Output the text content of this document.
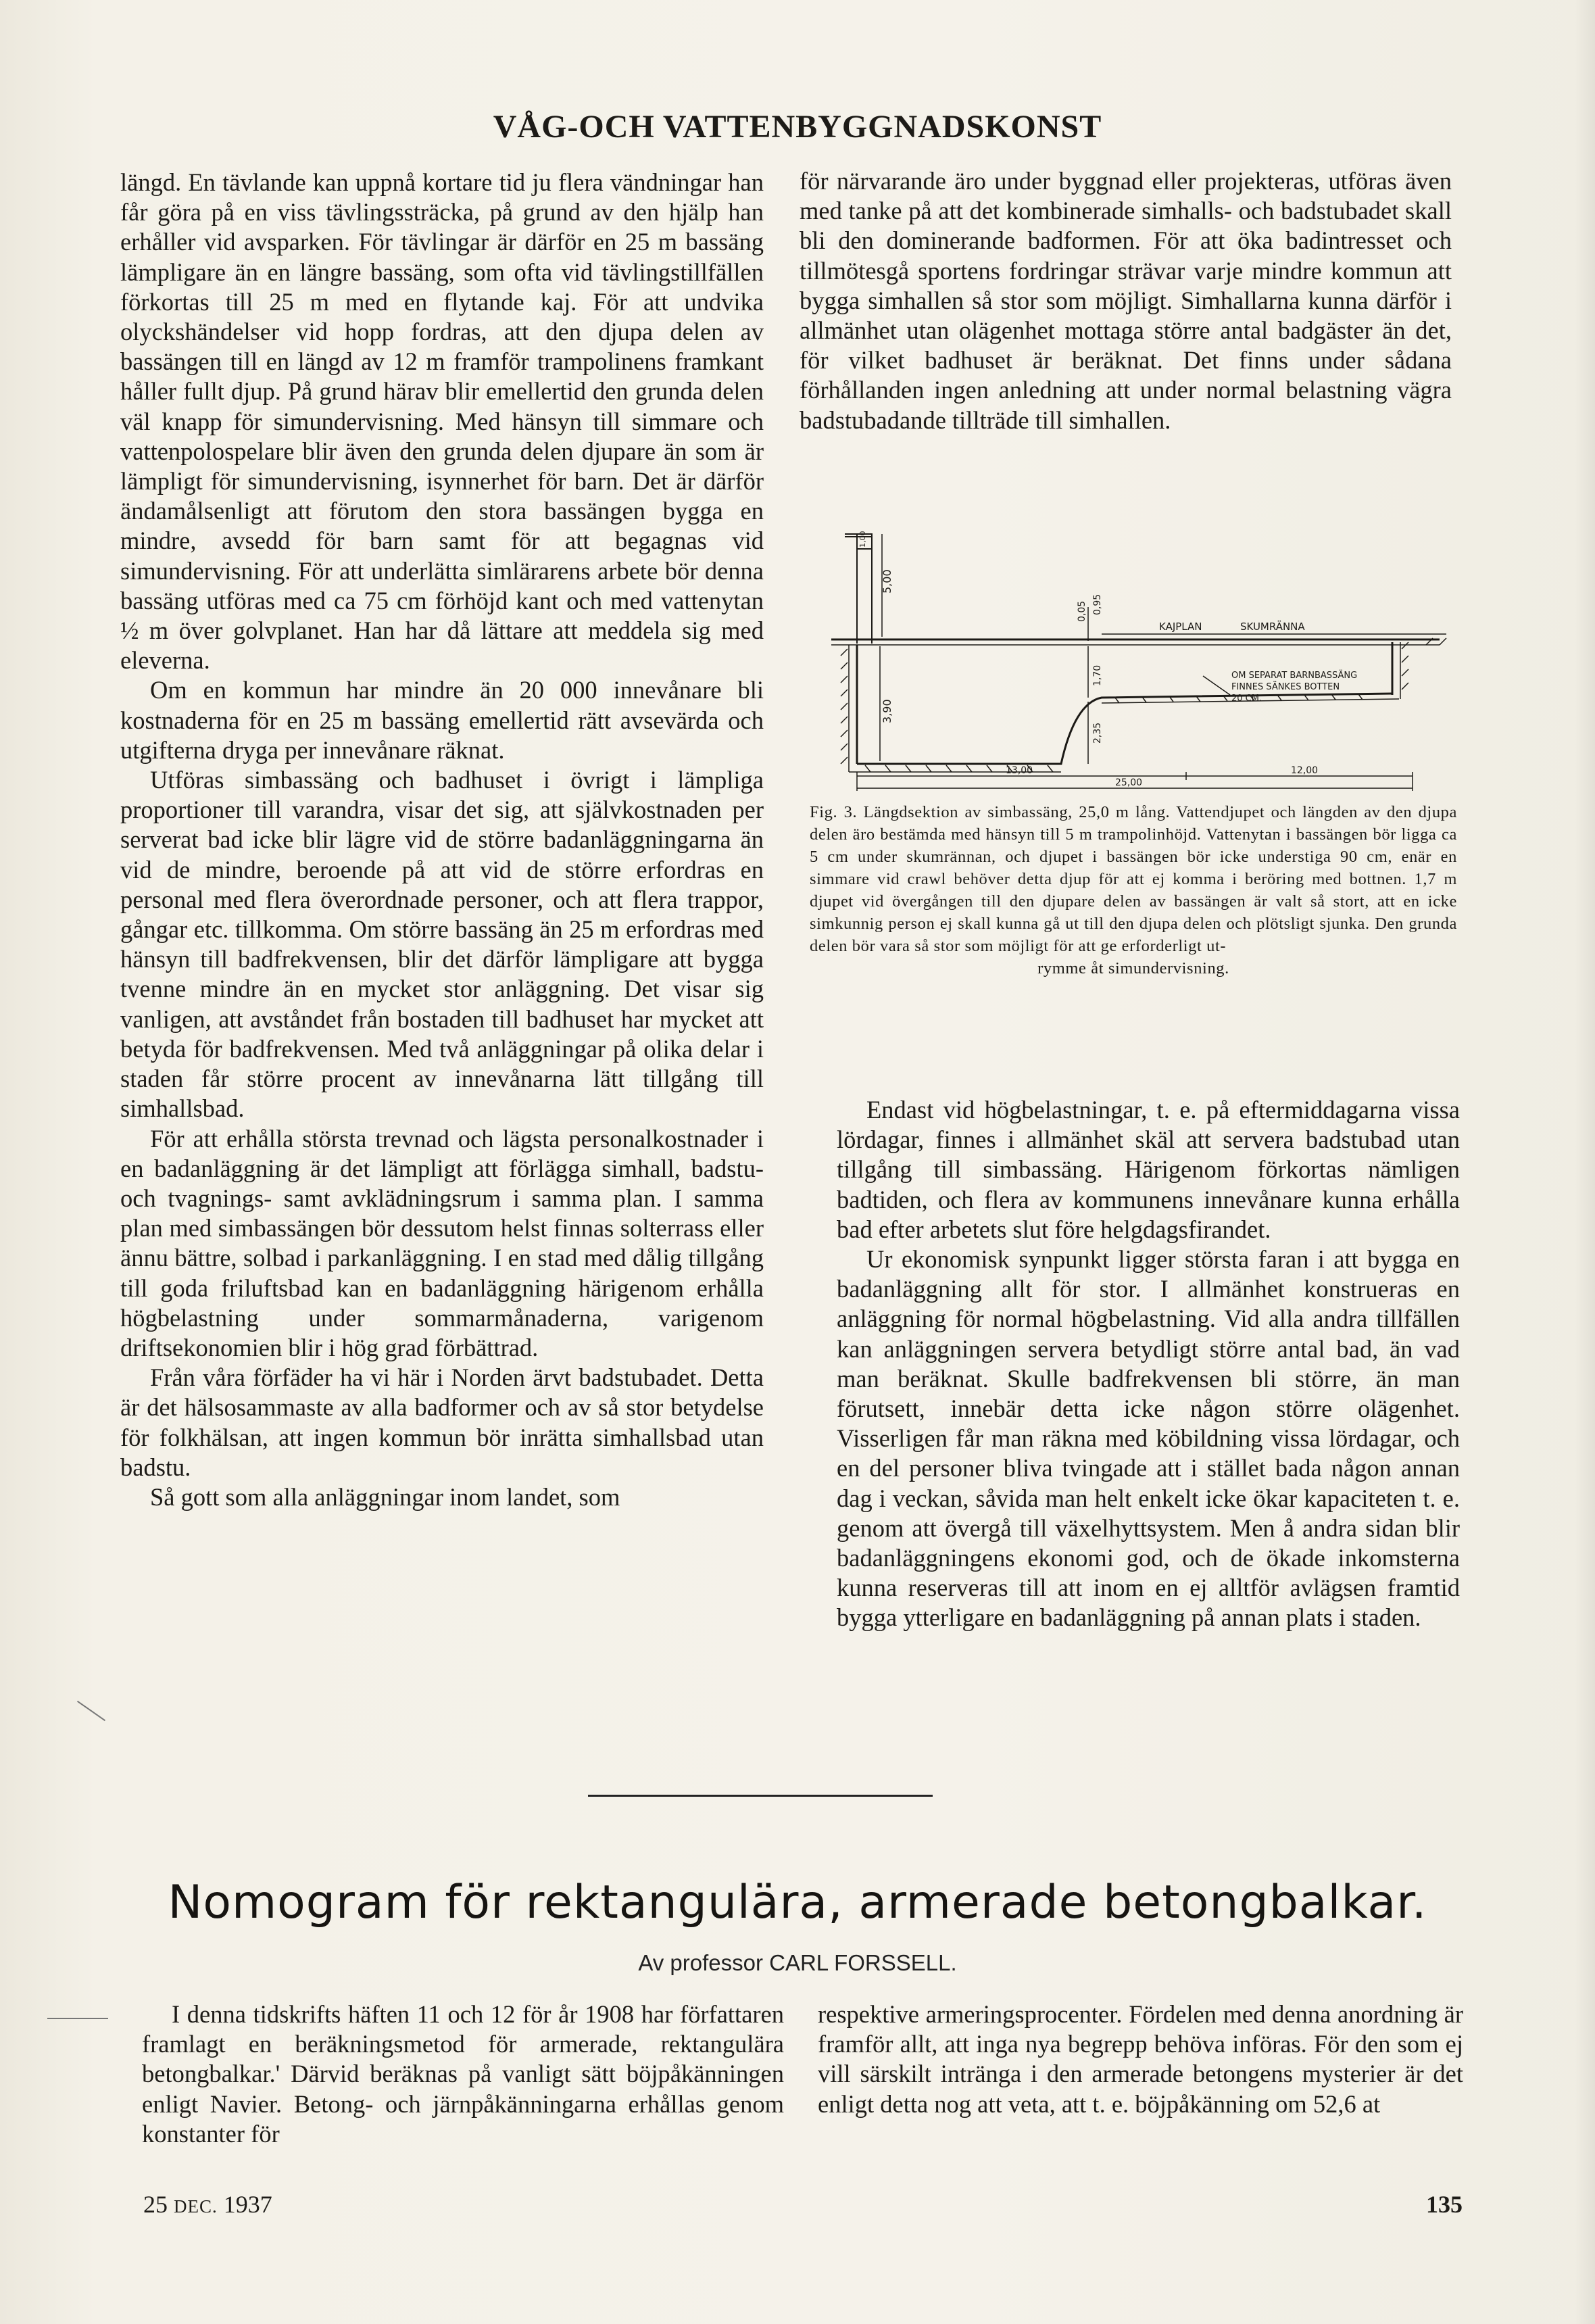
VÅG-OCH VATTENBYGGNADSKONST

längd. En tävlande kan uppnå kortare tid ju flera vändningar han får göra på en viss tävlingssträcka, på grund av den hjälp han erhåller vid avsparken. För tävlingar är därför en 25 m bassäng lämpligare än en längre bassäng, som ofta vid tävlingstillfällen förkortas till 25 m med en flytande kaj. För att undvika olyckshändelser vid hopp fordras, att den djupa delen av bassängen till en längd av 12 m framför trampolinens framkant håller fullt djup. På grund härav blir emellertid den grunda delen väl knapp för simundervisning. Med hänsyn till simmare och vattenpolospelare blir även den grunda delen djupare än som är lämpligt för simundervisning, isynnerhet för barn. Det är därför ändamålsenligt att förutom den stora bassängen bygga en mindre, avsedd för barn samt för att begagnas vid simundervisning. För att underlätta simlärarens arbete bör denna bassäng utföras med ca 75 cm förhöjd kant och med vattenytan ½ m över golvplanet. Han har då lättare att meddela sig med eleverna.

Om en kommun har mindre än 20 000 innevånare bli kostnaderna för en 25 m bassäng emellertid rätt avsevärda och utgifterna dryga per innevånare räknat.

Utföras simbassäng och badhuset i övrigt i lämpliga proportioner till varandra, visar det sig, att självkostnaden per serverat bad icke blir lägre vid de större badanläggningarna än vid de mindre, beroende på att vid de större erfordras en personal med flera överordnade personer, och att flera trappor, gångar etc. tillkomma. Om större bassäng än 25 m erfordras med hänsyn till badfrekvensen, blir det därför lämpligare att bygga tvenne mindre än en mycket stor anläggning. Det visar sig vanligen, att avståndet från bostaden till badhuset har mycket att betyda för badfrekvensen. Med två anläggningar på olika delar i staden får större procent av innevånarna lätt tillgång till simhallsbad.

För att erhålla största trevnad och lägsta personalkostnader i en badanläggning är det lämpligt att förlägga simhall, badstu- och tvagnings- samt avklädningsrum i samma plan. I samma plan med simbassängen bör dessutom helst finnas solterrass eller ännu bättre, solbad i parkanläggning. I en stad med dålig tillgång till goda friluftsbad kan en badanläggning härigenom erhålla högbelastning under sommarmånaderna, varigenom driftsekonomien blir i hög grad förbättrad.

Från våra förfäder ha vi här i Norden ärvt badstubadet. Detta är det hälsosammaste av alla badformer och av så stor betydelse för folkhälsan, att ingen kommun bör inrätta simhallsbad utan badstu.

Så gott som alla anläggningar inom landet, som

för närvarande äro under byggnad eller projekteras, utföras även med tanke på att det kombinerade simhalls- och badstubadet skall bli den dominerande badformen. För att öka badintresset och tillmötesgå sportens fordringar strävar varje mindre kommun att bygga simhallen så stor som möjligt. Simhallarna kunna därför i allmänhet utan olägenhet mottaga större antal badgäster än det, för vilket badhuset är beräknat. Det finns under sådana förhållanden ingen anledning att under normal belastning vägra badstubadande tillträde till simhallen.

KAJPLAN	SKUMRÄNNA
OM SEPARAT BARNBASSÄNG
FINNES SÄNKES BOTTEN
20 CM.
5,00
1,00
3,90
0,05 0,95
1,70
2,35
13,00	12,00
25,00
Fig. 3. Längdsektion av simbassäng, 25,0 m lång. Vattendjupet och längden av den djupa delen äro bestämda med hänsyn till 5 m trampolinhöjd. Vattenytan i bassängen bör ligga ca 5 cm under skumrännan, och djupet i bassängen bör icke understiga 90 cm, enär en simmare vid crawl behöver detta djup för att ej komma i beröring med bottnen. 1,7 m djupet vid övergången till den djupare delen av bassängen är valt så stort, att en icke simkunnig person ej skall kunna gå ut till den djupa delen och plötsligt sjunka. Den grunda delen bör vara så stor som möjligt för att ge erforderligt ut-
rymme åt simundervisning.

Endast vid högbelastningar, t. e. på eftermiddagarna vissa lördagar, finnes i allmänhet skäl att servera badstubad utan tillgång till simbassäng. Härigenom förkortas nämligen badtiden, och flera av kommunens innevånare kunna erhålla bad efter arbetets slut före helgdagsfirandet.

Ur ekonomisk synpunkt ligger största faran i att bygga en badanläggning allt för stor. I allmänhet konstrueras en anläggning för normal högbelastning. Vid alla andra tillfällen kan anläggningen servera betydligt större antal bad, än vad man beräknat. Skulle badfrekvensen bli större, än man förutsett, innebär detta icke någon större olägenhet. Visserligen får man räkna med köbildning vissa lördagar, och en del personer bliva tvingade att i stället bada någon annan dag i veckan, såvida man helt enkelt icke ökar kapaciteten t. e. genom att övergå till växelhyttsystem. Men å andra sidan blir badanläggningens ekonomi god, och de ökade inkomsterna kunna reserveras till att inom en ej alltför avlägsen framtid bygga ytterligare en badanläggning på annan plats i staden.

Nomogram för rektangulära, armerade betongbalkar.
Av professor CARL FORSSELL.

I denna tidskrifts häften 11 och 12 för år 1908 har författaren framlagt en beräkningsmetod för armerade, rektangulära betongbalkar.' Därvid beräknas på vanligt sätt böjpåkänningen enligt Navier. Betong- och järnpåkänningarna erhållas genom konstanter för

respektive armeringsprocenter. Fördelen med denna anordning är framför allt, att inga nya begrepp behöva införas. För den som ej vill särskilt intränga i den armerade betongens mysterier är det enligt detta nog att veta, att t. e. böjpåkänning om 52,6 at

25 DEC. 1937	135
